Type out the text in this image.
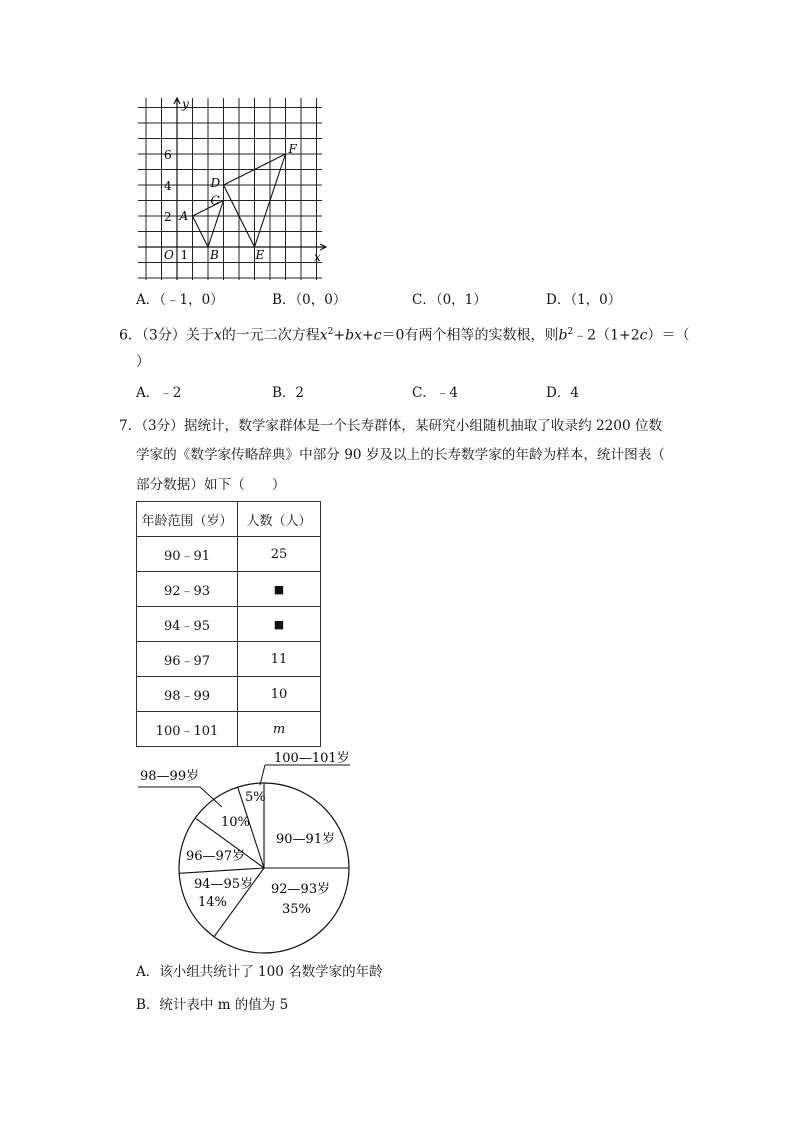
A
B
C
D
E
F
y
x
O 1
2
4
6
A．（﹣1，0）	B．（0，0）	C．（0，1）	D．（1，0）
6．（3分）关于x的一元二次方程$x^2+bx+c=0$有两个相等的实数根，则$b^2﹣2(1+2c)=$（
）
A．﹣2	B．2	C．﹣4	D．4
7．（3分）据统计，数学家群体是一个长寿群体，某研究小组随机抽取了收录约 2200 位数
学家的《数学家传略辞典》中部分 90 岁及以上的长寿数学家的年龄为样本，统计图表（
部分数据）如下（　　）
年龄范围（岁）	人数（人）
90﹣91	25
92﹣93	■
94﹣95	■
96﹣97	11
98﹣99	10
100﹣101	m
90—91岁
92—93岁
35%
94—95岁
14%
96—97岁
10%
98—99岁
5%
100—101岁
A．该小组共统计了 100 名数学家的年龄
B．统计表中 m 的值为 5
